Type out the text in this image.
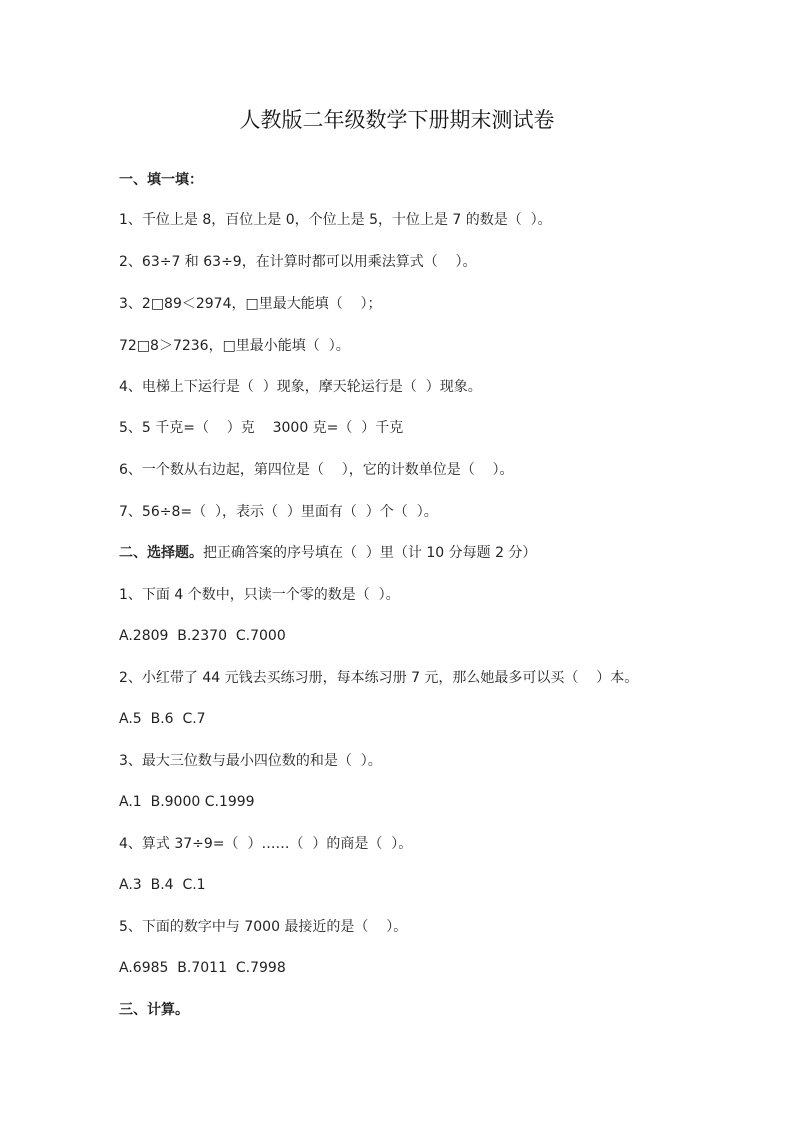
人教版二年级数学下册期末测试卷
一、填一填：
1、千位上是 8，百位上是 0，个位上是 5，十位上是 7 的数是（  ）。
2、63÷7 和 63÷9，在计算时都可以用乘法算式（    ）。
3、2□89＜2974，□里最大能填（    ）；
72□8＞7236，□里最小能填（  ）。
4、电梯上下运行是（  ）现象，摩天轮运行是（  ）现象。
5、5 千克=（    ）克    3000 克=（  ）千克
6、一个数从右边起，第四位是（    ），它的计数单位是（    ）。
7、56÷8=（  ），表示（  ）里面有（  ）个（  ）。
二、选择题。把正确答案的序号填在（  ）里（计 10 分每题 2 分）
1、下面 4 个数中，只读一个零的数是（  ）。
A.2809  B.2370  C.7000
2、小红带了 44 元钱去买练习册，每本练习册 7 元，那么她最多可以买（    ）本。
A.5  B.6  C.7
3、最大三位数与最小四位数的和是（  ）。
A.1  B.9000 C.1999
4、算式 37÷9=（  ）……（  ）的商是（  ）。
A.3  B.4  C.1
5、下面的数字中与 7000 最接近的是（    ）。
A.6985  B.7011  C.7998
三、计算。
